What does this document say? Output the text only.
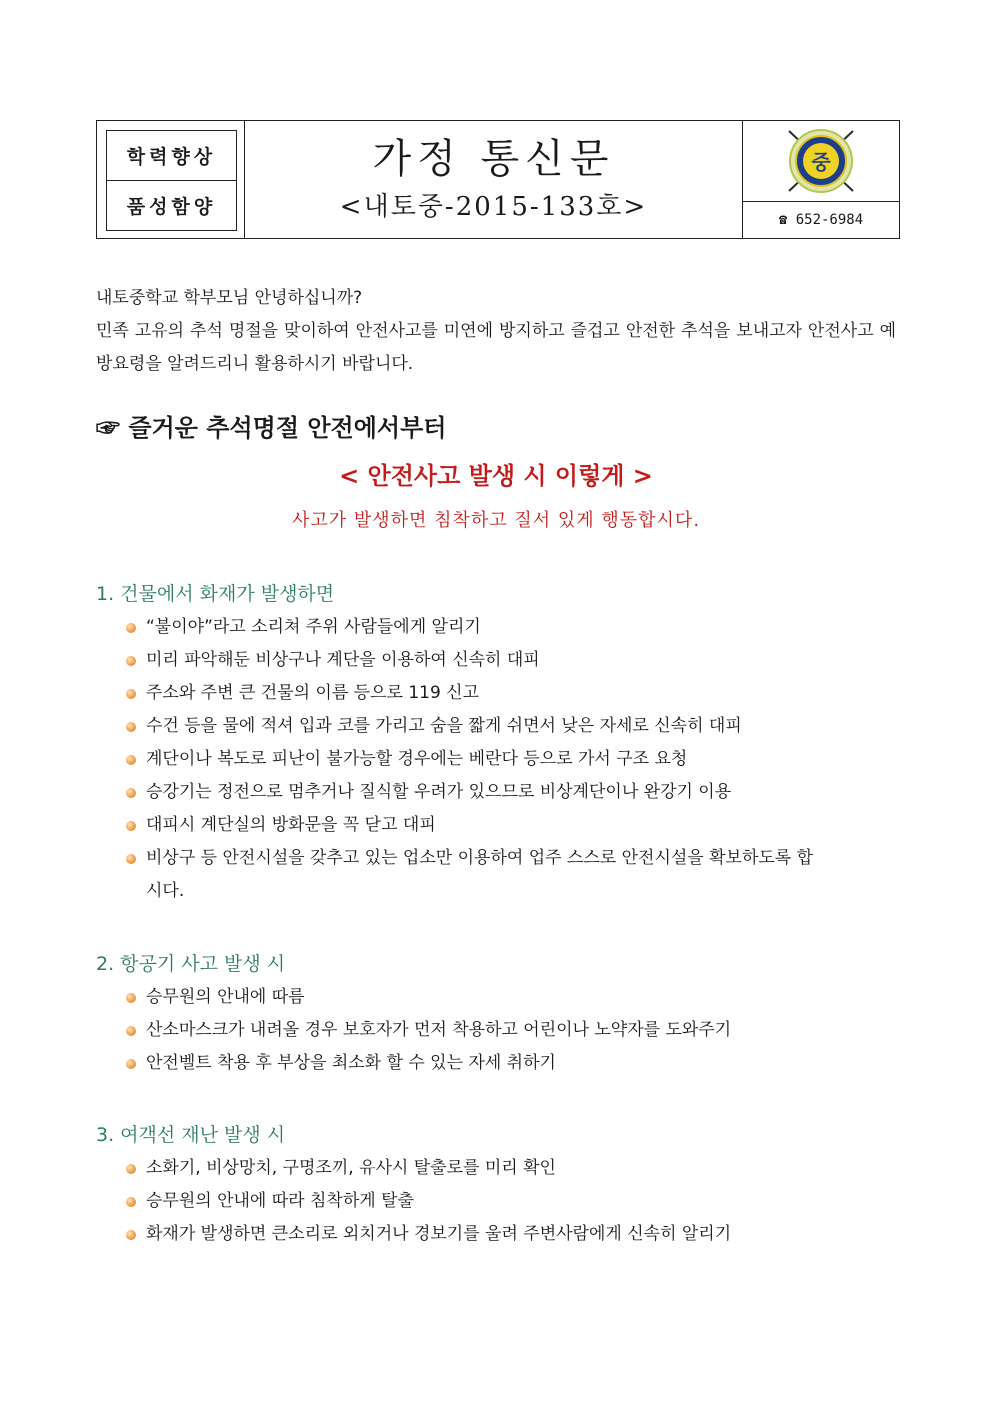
학력향상
품성함양
가정 통신문
<내토중-2015-133호>
중
☎
652-6984

내토중학교 학부모님 안녕하십니까?

민족 고유의 추석 명절을 맞이하여 안전사고를 미연에 방지하고 즐겁고 안전한 추석을 보내고자 안전사고 예방요령을 알려드리니 활용하시기 바랍니다.

☞ 즐거운 추석명절 안전에서부터
< 안전사고 발생 시 이렇게 >
사고가 발생하면 침착하고 질서 있게 행동합시다.
1. 건물에서 화재가 발생하면
“불이야”라고 소리쳐 주위 사람들에게 알리기
미리 파악해둔 비상구나 계단을 이용하여 신속히 대피
주소와 주변 큰 건물의 이름 등으로 119 신고
수건 등을 물에 적셔 입과 코를 가리고 숨을 짧게 쉬면서 낮은 자세로 신속히 대피
계단이나 복도로 피난이 불가능할 경우에는 베란다 등으로 가서 구조 요청
승강기는 정전으로 멈추거나 질식할 우려가 있으므로 비상계단이나 완강기 이용
대피시 계단실의 방화문을 꼭 닫고 대피
비상구 등 안전시설을 갖추고 있는 업소만 이용하여 업주 스스로 안전시설을 확보하도록 합시다.
2. 항공기 사고 발생 시
승무원의 안내에 따름
산소마스크가 내려올 경우 보호자가 먼저 착용하고 어린이나 노약자를 도와주기
안전벨트 착용 후 부상을 최소화 할 수 있는 자세 취하기
3. 여객선 재난 발생 시
소화기, 비상망치, 구명조끼, 유사시 탈출로를 미리 확인
승무원의 안내에 따라 침착하게 탈출
화재가 발생하면 큰소리로 외치거나 경보기를 울려 주변사람에게 신속히 알리기
